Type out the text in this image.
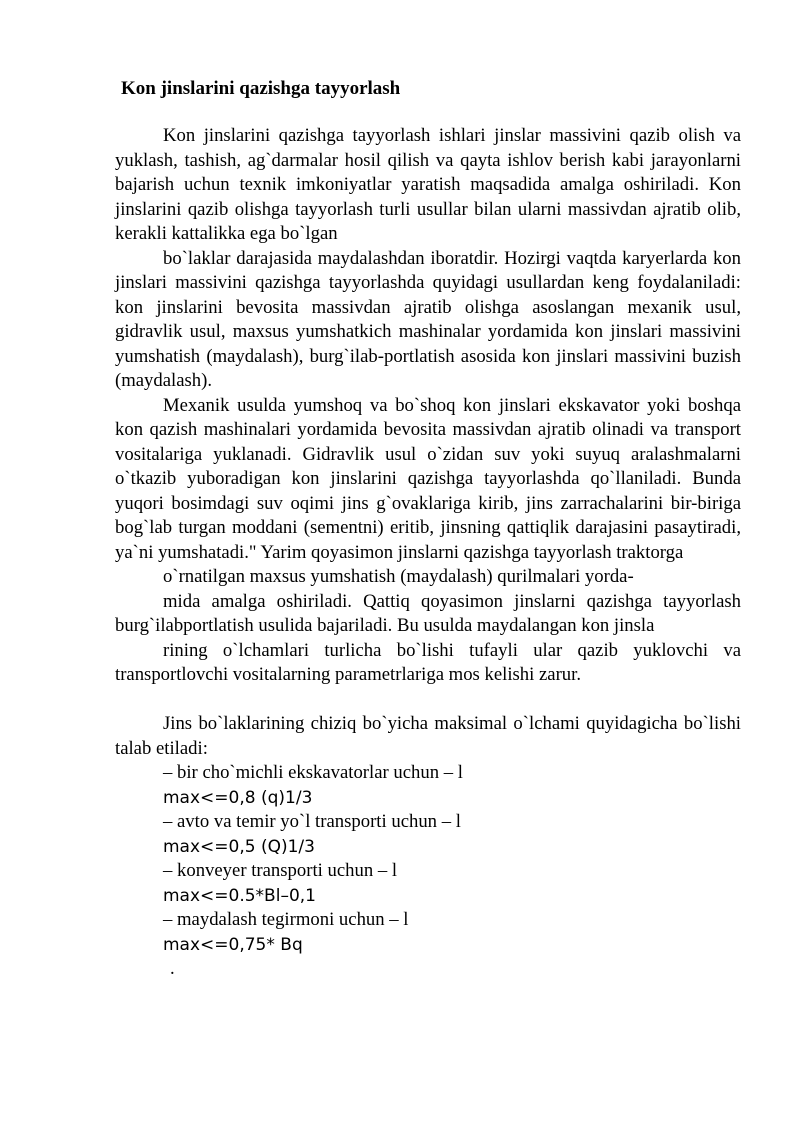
Kon jinslarini qazishga tayyorlash

Kon jinslarini qazishga tayyorlash ishlari jinslar massivini qazib olish va yuklash, tashish, ag`darmalar hosil qilish va qayta ishlov berish kabi jarayonlarni bajarish uchun texnik imkoniyatlar yaratish maqsadida amalga oshiriladi. Kon jinslarini qazib olishga tayyorlash turli usullar bilan ularni massivdan ajratib olib, kerakli kattalikka ega bo`lgan

bo`laklar darajasida maydalashdan iboratdir. Hozirgi vaqtda karyerlarda kon jinslari massivini qazishga tayyorlashda quyidagi usullardan keng foydalaniladi: kon jinslarini bevosita massivdan ajratib olishga asoslangan mexanik usul, gidravlik usul, maxsus yumshatkich mashinalar yordamida kon jinslari massivini yumshatish (maydalash), burg`ilab-portlatish asosida kon jinslari massivini buzish (maydalash).

Mexanik usulda yumshoq va bo`shoq kon jinslari ekskavator yoki boshqa kon qazish mashinalari yordamida bevosita massivdan ajratib olinadi va transport vositalariga yuklanadi. Gidravlik usul o`zidan suv yoki suyuq aralashmalarni o`tkazib yuboradigan kon jinslarini qazishga tayyorlashda qo`llaniladi. Bunda yuqori bosimdagi suv oqimi jins g`ovaklariga kirib, jins zarrachalarini bir-biriga bog`lab turgan moddani (sementni) eritib, jinsning qattiqlik darajasini pasaytiradi, ya`ni yumshatadi." Yarim qoyasimon jinslarni qazishga tayyorlash traktorga

o`rnatilgan maxsus yumshatish (maydalash) qurilmalari yorda-

mida amalga oshiriladi. Qattiq qoyasimon jinslarni qazishga tayyorlash burg`ilabportlatish usulida bajariladi. Bu usulda maydalangan kon jinsla

rining o`lchamlari turlicha bo`lishi tufayli ular qazib yuklovchi va transportlovchi vositalarning parametrlariga mos kelishi zarur.

Jins bo`laklarining chiziq bo`yicha maksimal o`lchami quyidagicha bo`lishi talab etiladi:

– bir cho`michli ekskavatorlar uchun – l

max<=0,8 (q)1/3

– avto va temir yo`l transporti uchun – l

max<=0,5 (Q)1/3

– konveyer transporti uchun – l

max<=0.5*Bl–0,1

– maydalash tegirmoni uchun – l

max<=0,75* Bq

.
